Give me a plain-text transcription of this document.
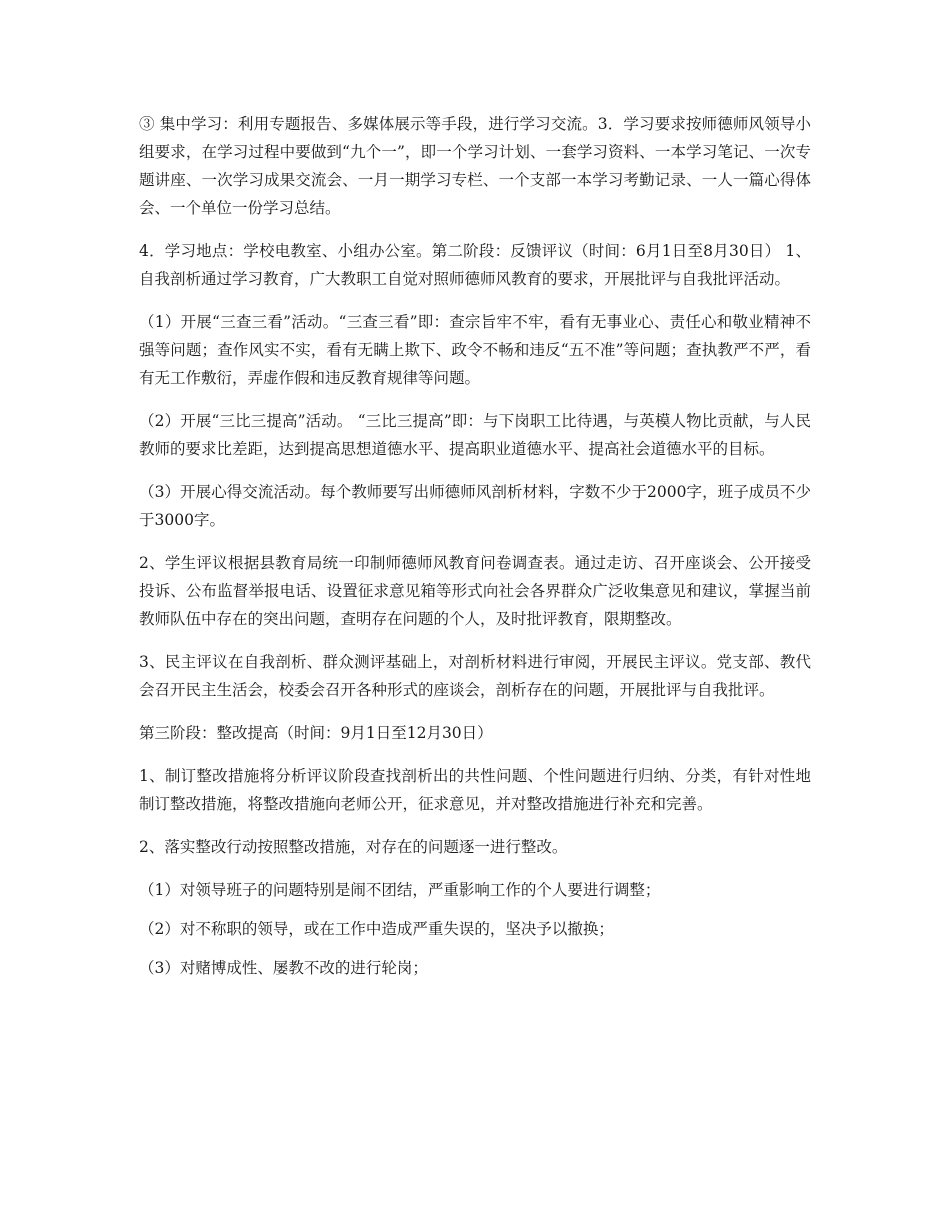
③ 集中学习：利用专题报告、多媒体展示等手段，进行学习交流。3．学习要求按师德师风领导小组要求，在学习过程中要做到“九个一”，即一个学习计划、一套学习资料、一本学习笔记、一次专题讲座、一次学习成果交流会、一月一期学习专栏、一个支部一本学习考勤记录、一人一篇心得体会、一个单位一份学习总结。

4．学习地点：学校电教室、小组办公室。第二阶段：反馈评议（时间：6月1日至8月30日） 1、自我剖析通过学习教育，广大教职工自觉对照师德师风教育的要求，开展批评与自我批评活动。

（1）开展“三查三看”活动。“三查三看”即：查宗旨牢不牢，看有无事业心、责任心和敬业精神不强等问题；查作风实不实，看有无瞒上欺下、政令不畅和违反“五不准”等问题；查执教严不严，看有无工作敷衍，弄虚作假和违反教育规律等问题。

（2）开展“三比三提高”活动。 “三比三提高”即：与下岗职工比待遇，与英模人物比贡献，与人民教师的要求比差距，达到提高思想道德水平、提高职业道德水平、提高社会道德水平的目标。

（3）开展心得交流活动。每个教师要写出师德师风剖析材料，字数不少于2000字，班子成员不少于3000字。

2、学生评议根据县教育局统一印制师德师风教育问卷调查表。通过走访、召开座谈会、公开接受投诉、公布监督举报电话、设置征求意见箱等形式向社会各界群众广泛收集意见和建议，掌握当前教师队伍中存在的突出问题，查明存在问题的个人，及时批评教育，限期整改。

3、民主评议在自我剖析、群众测评基础上，对剖析材料进行审阅，开展民主评议。党支部、教代会召开民主生活会，校委会召开各种形式的座谈会，剖析存在的问题，开展批评与自我批评。

第三阶段：整改提高（时间：9月1日至12月30日）

1、制订整改措施将分析评议阶段查找剖析出的共性问题、个性问题进行归纳、分类，有针对性地制订整改措施，将整改措施向老师公开，征求意见，并对整改措施进行补充和完善。

2、落实整改行动按照整改措施，对存在的问题逐一进行整改。

（1）对领导班子的问题特别是闹不团结，严重影响工作的个人要进行调整；

（2）对不称职的领导，或在工作中造成严重失误的，坚决予以撤换；

（3）对赌博成性、屡教不改的进行轮岗；
